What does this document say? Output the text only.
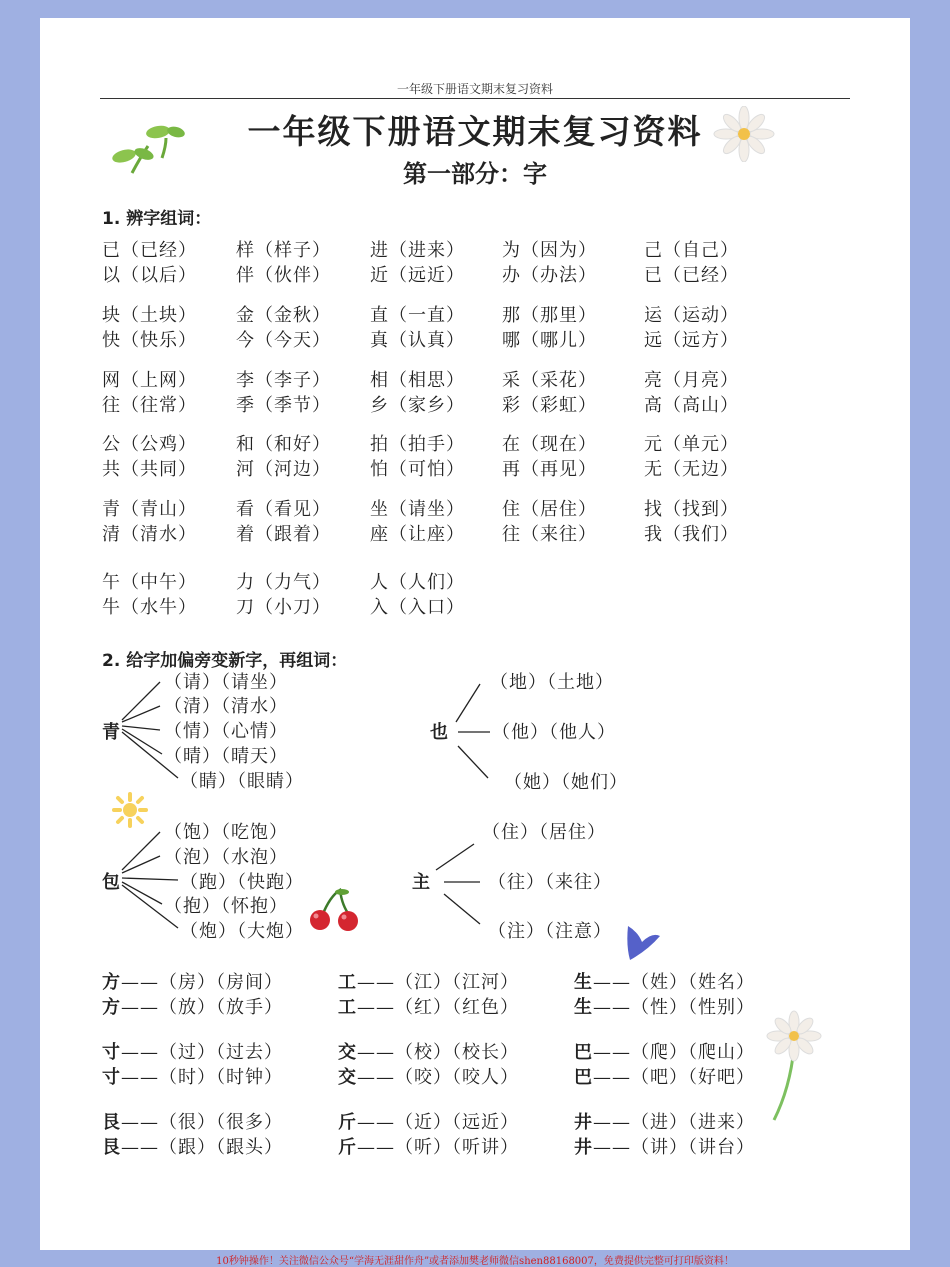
一年级下册语文期末复习资料
一年级下册语文期末复习资料
第一部分：字
1. 辨字组词：
已（已经） 样（样子） 进（进来） 为（因为）	己（自己）
以（以后） 伴（伙伴） 近（远近） 办（办法）	已（已经）
块（土块） 金（金秋） 直（一直） 那（那里）	运（运动）
快（快乐） 今（今天） 真（认真） 哪（哪儿）	远（远方）
网（上网） 李（李子） 相（相思） 采（采花）	亮（月亮）
往（往常） 季（季节） 乡（家乡） 彩（彩虹）	高（高山）
公（公鸡） 和（和好） 拍（拍手） 在（现在）	元（单元）
共（共同） 河（河边） 怕（可怕） 再（再见）	无（无边）
青（青山） 看（看见） 坐（请坐） 住（居住）	找（找到）
清（清水） 着（跟着） 座（让座） 往（来往）	我（我们）
午（中午） 力（力气） 人（人们）
牛（水牛） 刀（小刀） 入（入口）
2. 给字加偏旁变新字，再组词：
青
（请）（请坐）
（清）（清水）
（情）（心情）
（晴）（晴天）
（睛）（眼睛）
也
（地）（土地）
（他）（他人）
（她）（她们）
包
（饱）（吃饱）
（泡）（水泡）
（跑）（快跑）
（抱）（怀抱）
（炮）（大炮）
主
（住）（居住）
（往）（来往）
（注）（注意）
方——（房）（房间）	工——（江）（江河）	生——（姓）（姓名）
方——（放）（放手）	工——（红）（红色）	生——（性）（性别）
寸——（过）（过去）	交——（校）（校长）	巴——（爬）（爬山）
寸——（时）（时钟）	交——（咬）（咬人）	巴——（吧）（好吧）
艮——（很）（很多）	斤——（近）（远近）	井——（进）（进来）
艮——（跟）（跟头）	斤——（听）（听讲）	井——（讲）（讲台）
10秒钟操作！关注微信公众号“学海无涯甜作舟”或者添加樊老师微信shen88168007，免费提供完整可打印版资料！
